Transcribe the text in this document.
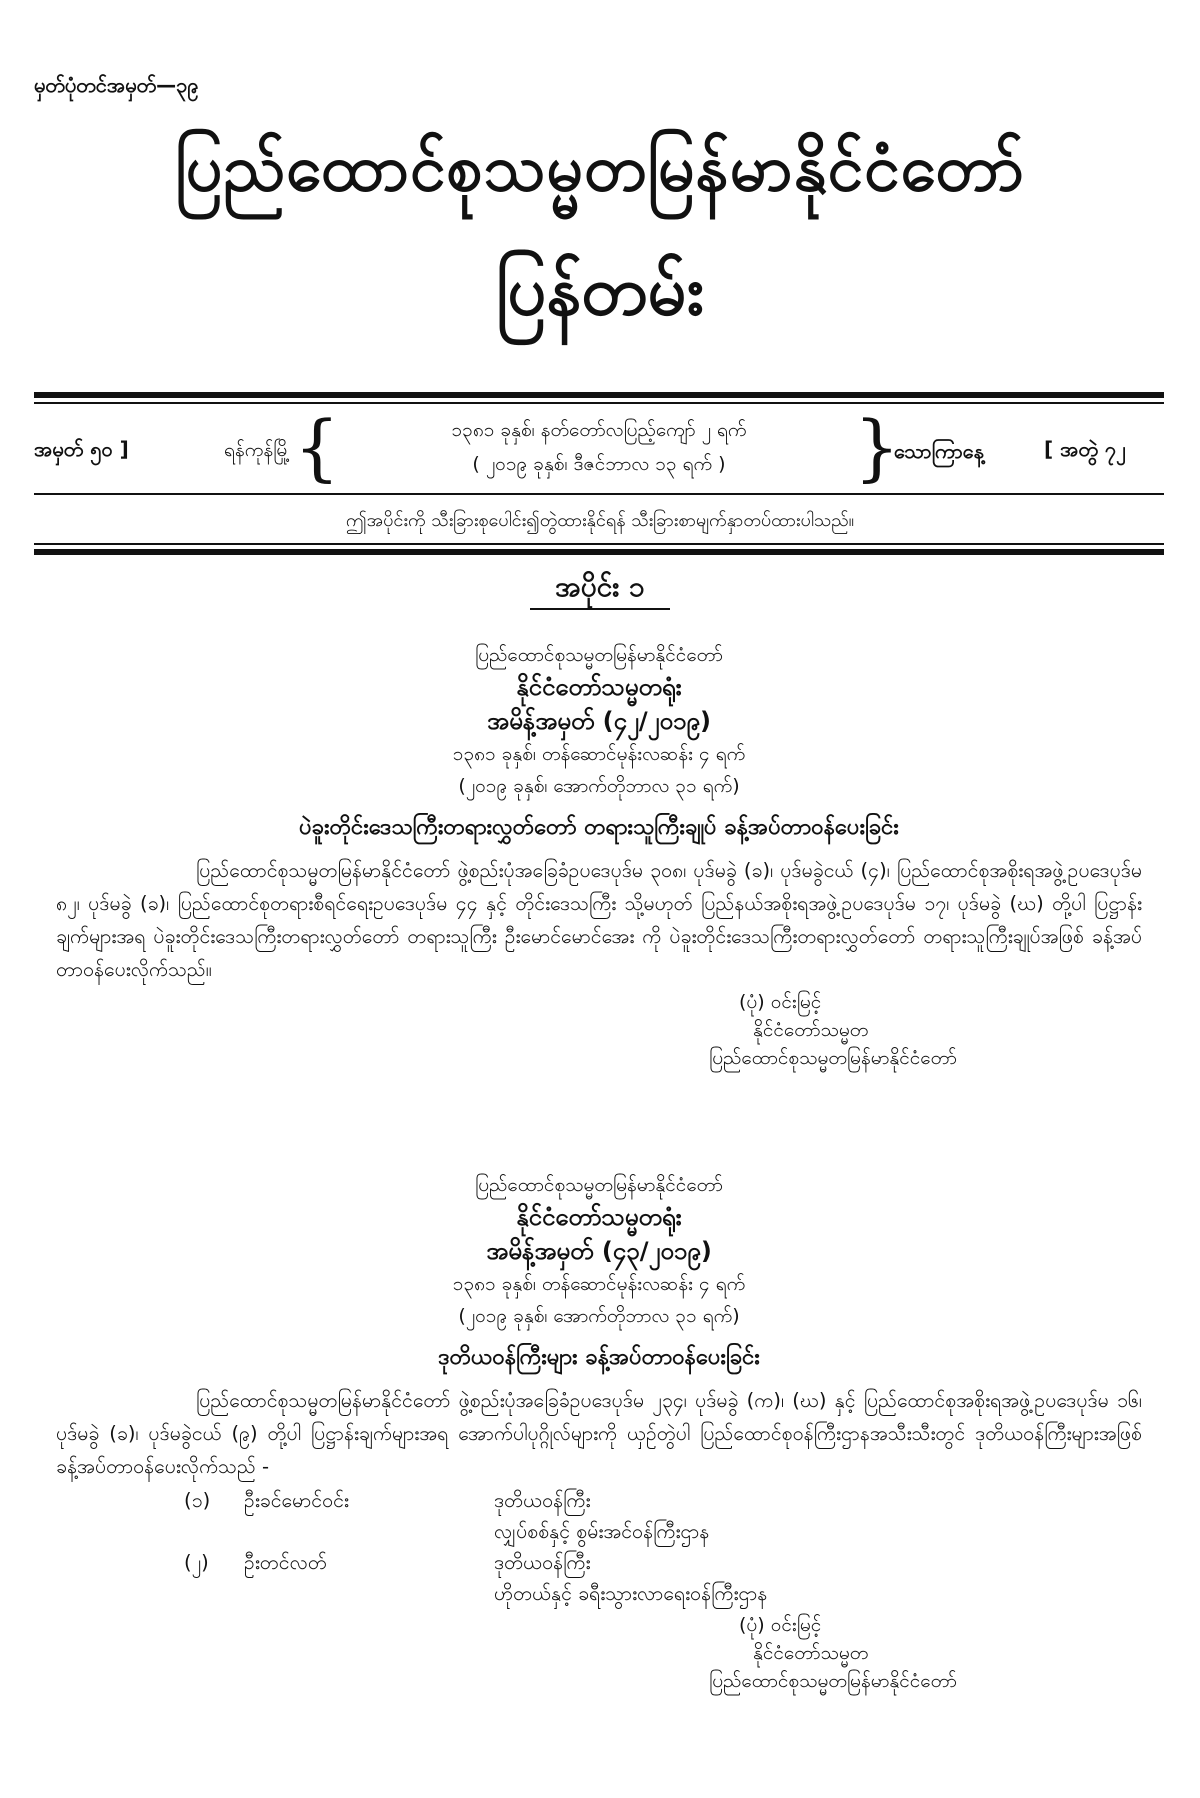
မှတ်ပုံတင်အမှတ်—၃၉
ပြည်ထောင်စုသမ္မတမြန်မာနိုင်ငံတော်
ပြန်တမ်း
အမှတ် ၅၀ ]	ရန်ကုန်မြို့ {	၁၃၈၁ ခုနှစ်၊ နတ်တော်လပြည့်ကျော် ၂ ရက်
( ၂၀၁၉ ခုနှစ်၊ ဒီဇင်ဘာလ ၁၃ ရက် )	}
သောကြာနေ့	[ အတွဲ ၇၂
ဤအပိုင်းကို သီးခြားစုပေါင်း၍တွဲထားနိုင်ရန် သီးခြားစာမျက်နှာတပ်ထားပါသည်။
အပိုင်း ၁
ပြည်ထောင်စုသမ္မတမြန်မာနိုင်ငံတော်
နိုင်ငံတော်သမ္မတရုံး
အမိန့်အမှတ် (၄၂/၂၀၁၉)
၁၃၈၁ ခုနှစ်၊ တန်ဆောင်မုန်းလဆန်း ၄ ရက်
(၂၀၁၉ ခုနှစ်၊ အောက်တိုဘာလ ၃၁ ရက်)
ပဲခူးတိုင်းဒေသကြီးတရားလွှတ်တော် တရားသူကြီးချုပ် ခန့်အပ်တာဝန်ပေးခြင်း
ပြည်ထောင်စုသမ္မတမြန်မာနိုင်ငံတော် ဖွဲ့စည်းပုံအခြေခံဥပဒေပုဒ်မ ၃၀၈၊ ပုဒ်မခွဲ (ခ)၊ ပုဒ်မခွဲငယ် (၄)၊ ပြည်ထောင်စုအစိုးရအဖွဲ့ဥပဒေပုဒ်မ ၈၂၊ ပုဒ်မခွဲ (ခ)၊ ပြည်ထောင်စုတရားစီရင်ရေးဥပဒေပုဒ်မ ၄၄ နှင့် တိုင်းဒေသကြီး သို့မဟုတ် ပြည်နယ်အစိုးရအဖွဲ့ဥပဒေပုဒ်မ ၁၇၊ ပုဒ်မခွဲ (ဃ) တို့ပါ ပြဋ္ဌာန်းချက်များအရ ပဲခူးတိုင်းဒေသကြီးတရားလွှတ်တော် တရားသူကြီး ဦးမောင်မောင်အေး ကို ပဲခူးတိုင်းဒေသကြီးတရားလွှတ်တော် တရားသူကြီးချုပ်အဖြစ် ခန့်အပ်တာဝန်ပေးလိုက်သည်။
(ပုံ) ဝင်းမြင့်
နိုင်ငံတော်သမ္မတ
ပြည်ထောင်စုသမ္မတမြန်မာနိုင်ငံတော်
ပြည်ထောင်စုသမ္မတမြန်မာနိုင်ငံတော်
နိုင်ငံတော်သမ္မတရုံး
အမိန့်အမှတ် (၄၃/၂၀၁၉)
၁၃၈၁ ခုနှစ်၊ တန်ဆောင်မုန်းလဆန်း ၄ ရက်
(၂၀၁၉ ခုနှစ်၊ အောက်တိုဘာလ ၃၁ ရက်)
ဒုတိယဝန်ကြီးများ ခန့်အပ်တာဝန်ပေးခြင်း
ပြည်ထောင်စုသမ္မတမြန်မာနိုင်ငံတော် ဖွဲ့စည်းပုံအခြေခံဥပဒေပုဒ်မ ၂၃၄၊ ပုဒ်မခွဲ (က)၊ (ဃ) နှင့် ပြည်ထောင်စုအစိုးရအဖွဲ့ဥပဒေပုဒ်မ ၁၆၊ ပုဒ်မခွဲ (ခ)၊ ပုဒ်မခွဲငယ် (၉) တို့ပါ ပြဋ္ဌာန်းချက်များအရ အောက်ပါပုဂ္ဂိုလ်များကို ယှဉ်တွဲပါ ပြည်ထောင်စုဝန်ကြီးဌာနအသီးသီးတွင် ဒုတိယဝန်ကြီးများအဖြစ် ခန့်အပ်တာဝန်ပေးလိုက်သည် -
(၁)	ဦးခင်မောင်ဝင်း	ဒုတိယဝန်ကြီး
လျှပ်စစ်နှင့် စွမ်းအင်ဝန်ကြီးဌာန
(၂)	ဦးတင်လတ်	ဒုတိယဝန်ကြီး
ဟိုတယ်နှင့် ခရီးသွားလာရေးဝန်ကြီးဌာန
(ပုံ) ဝင်းမြင့်
နိုင်ငံတော်သမ္မတ
ပြည်ထောင်စုသမ္မတမြန်မာနိုင်ငံတော်
